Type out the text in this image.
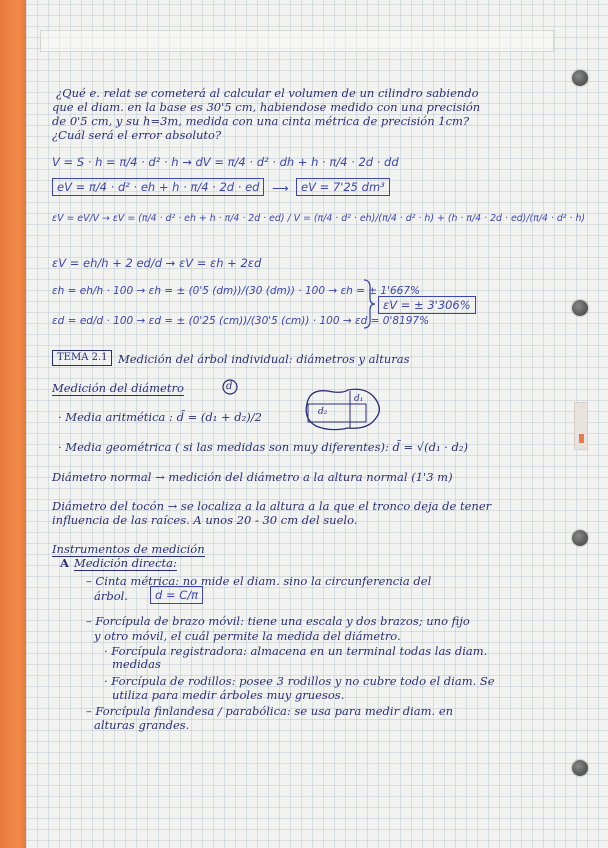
¿Qué e. relat se cometerá al calcular el volumen de un cilindro sabiendo
que el diam. en la base es 30'5 cm, habiendose medido con una precisión
de 0'5 cm, y su h=3m, medida con una cinta métrica de precisión 1cm?
¿Cuál será el error absoluto?
V = S · h = π/4 · d² · h → dV = π/4 · d² · dh + h · π/4 · 2d · dd
eV = π/4 · d² · eh + h · π/4 · 2d · ed	⟶	eV = 7'25 dm³
εV = eV/V → εV = (π/4 · d² · eh + h · π/4 · 2d · ed) / V = (π/4 · d² · eh)/(π/4 · d² · h) + (h · π/4 · 2d · ed)/(π/4 · d² · h)
εV = eh/h + 2 ed/d → εV = εh + 2εd
εh = eh/h · 100 → εh = ± (0'5 (dm))/(30 (dm)) · 100 → εh = ± 1'667%
εd = ed/d · 100 → εd = ± (0'25 (cm))/(30'5 (cm)) · 100 → εd = 0'8197%
εV = ± 3'306%
TEMA 2.1 Medición del árbol individual: diámetros y alturas
Medición del diámetro	d
· Media aritmética : d̄ = (d₁ + d₂)/2	d₂
d₁
· Media geométrica ( si las medidas son muy diferentes): d̄ = √(d₁ · d₂)
Diámetro normal → medición del diámetro a la altura normal (1'3 m)
Diámetro del tocón → se localiza a la altura a la que el tronco deja de tener
influencia de las raíces. A unos 20 - 30 cm del suelo.
Instrumentos de medición
A Medición directa:
– Cinta métrica: no mide el diam. sino la circunferencia del
árbol.	d = C/π
– Forcípula de brazo móvil: tiene una escala y dos brazos; uno fijo
y otro móvil, el cuál permite la medida del diámetro.
· Forcípula registradora: almacena en un terminal todas las diam.
medidas
· Forcípula de rodillos: posee 3 rodillos y no cubre todo el diam. Se
utiliza para medir árboles muy gruesos.
– Forcípula finlandesa / parabólica: se usa para medir diam. en
alturas grandes.
